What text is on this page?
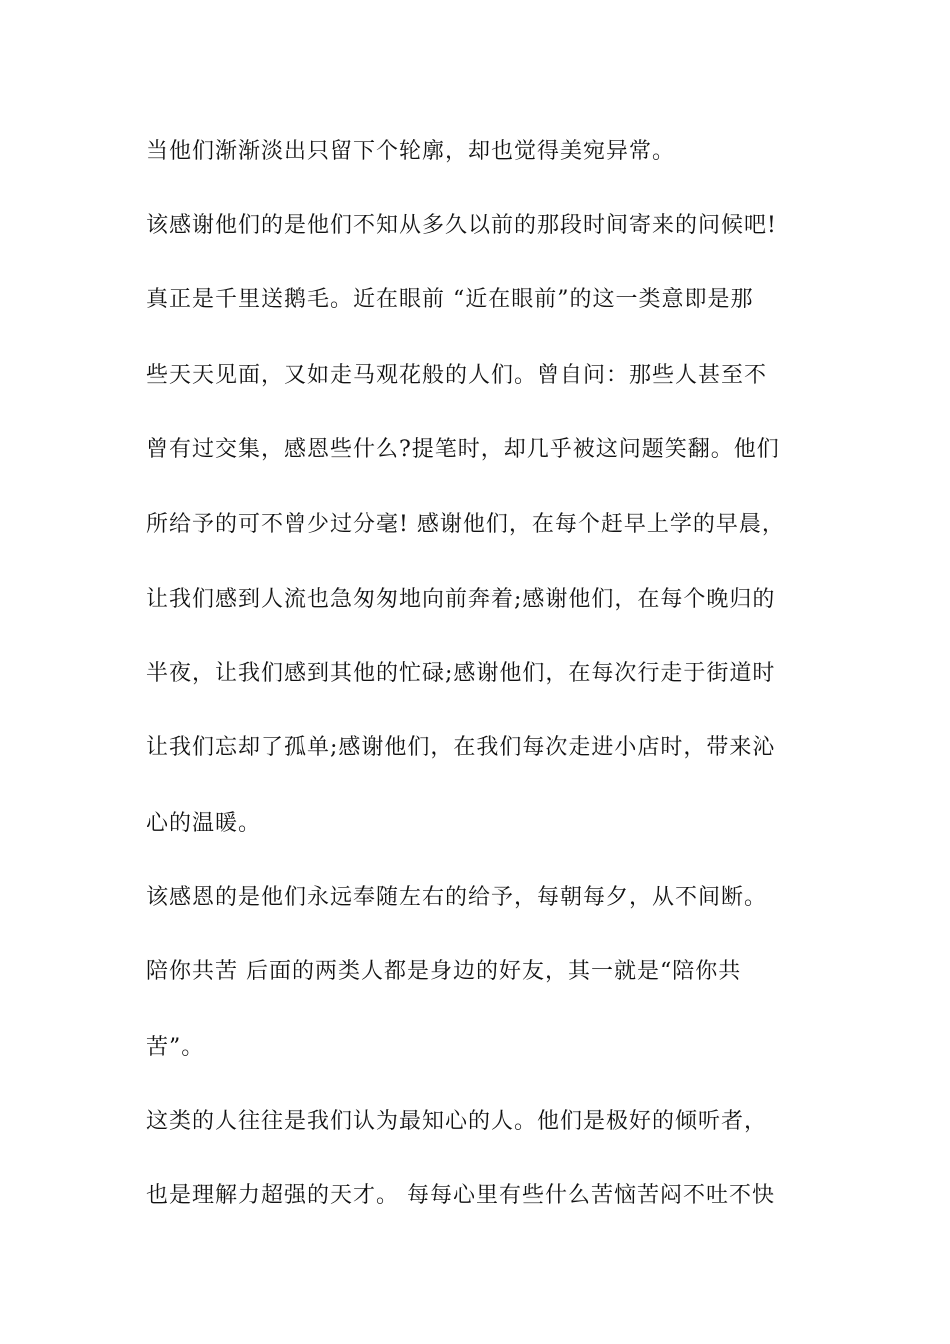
当他们渐渐淡出只留下个轮廓，却也觉得美宛异常。

该感谢他们的是他们不知从多久以前的那段时间寄来的问候吧!

真正是千里送鹅毛。近在眼前 “近在眼前”的这一类意即是那

些天天见面，又如走马观花般的人们。曾自问：那些人甚至不

曾有过交集，感恩些什么?提笔时，却几乎被这问题笑翻。他们

所给予的可不曾少过分毫! 感谢他们，在每个赶早上学的早晨，

让我们感到人流也急匆匆地向前奔着;感谢他们，在每个晚归的

半夜，让我们感到其他的忙碌;感谢他们，在每次行走于街道时

让我们忘却了孤单;感谢他们，在我们每次走进小店时，带来沁

心的温暖。

该感恩的是他们永远奉随左右的给予，每朝每夕，从不间断。

陪你共苦 后面的两类人都是身边的好友，其一就是“陪你共

苦”。

这类的人往往是我们认为最知心的人。他们是极好的倾听者，

也是理解力超强的天才。 每每心里有些什么苦恼苦闷不吐不快
